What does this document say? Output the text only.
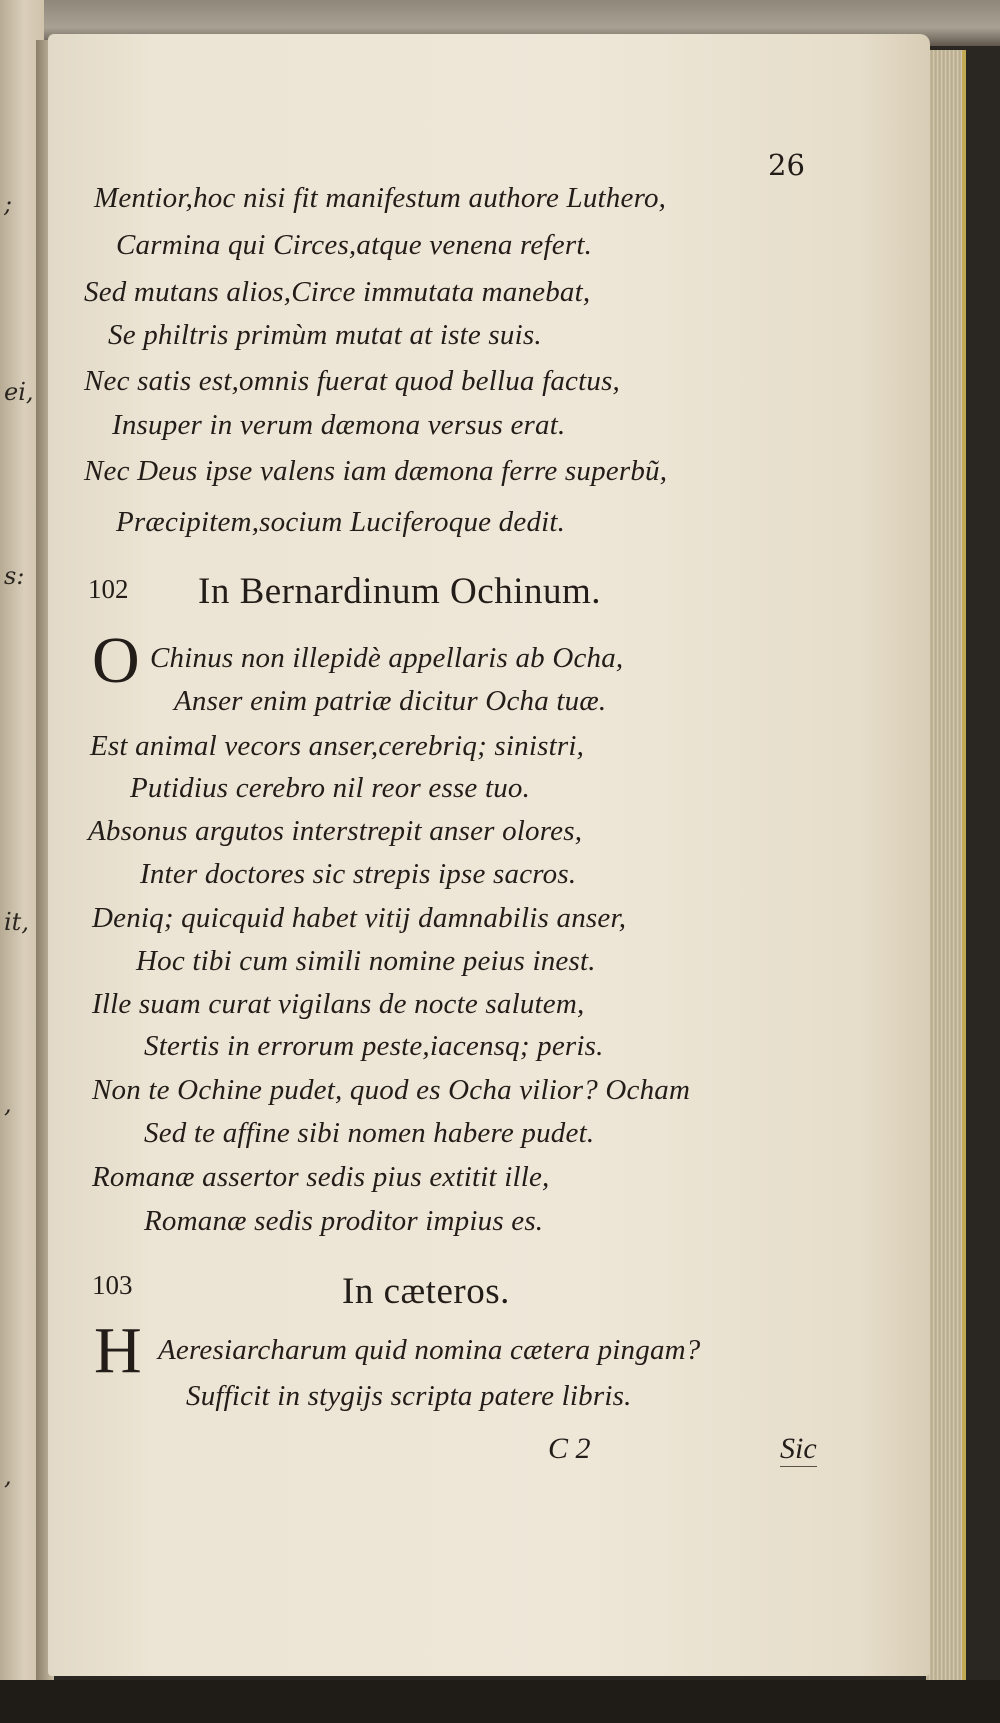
;
ei,
s:
it,
,
,
26
Mentior,hoc nisi fit manifestum authore Luthero,
Carmina qui Circes,atque venena refert.
Sed mutans alios,Circe immutata manebat,
Se philtris primùm mutat at iste suis.
Nec satis est,omnis fuerat quod bellua factus,
Insuper in verum dæmona versus erat.
Nec Deus ipse valens iam dæmona ferre superbũ,
Præcipitem,socium Luciferoque dedit.
102 In Bernardinum Ochinum.
O Chinus non illepidè appellaris ab Ocha,
Anser enim patriæ dicitur Ocha tuæ.
Est animal vecors anser,cerebriq; sinistri,
Putidius cerebro nil reor esse tuo.
Absonus argutos interstrepit anser olores,
Inter doctores sic strepis ipse sacros.
Deniq; quicquid habet vitij damnabilis anser,
Hoc tibi cum simili nomine peius inest.
Ille suam curat vigilans de nocte salutem,
Stertis in errorum peste,iacensq; peris.
Non te Ochine pudet, quod es Ocha vilior? Ocham
Sed te affine sibi nomen habere pudet.
Romanæ assertor sedis pius extitit ille,
Romanæ sedis proditor impius es.
103	In cæteros.
H Aeresiarcharum quid nomina cætera pingam?
Sufficit in stygijs scripta patere libris.
C 2	Sic
